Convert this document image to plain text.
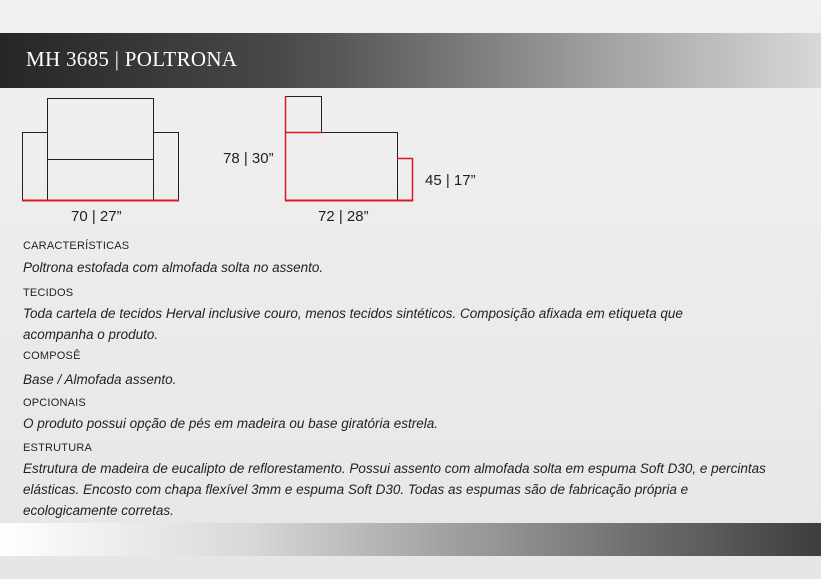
MH 3685 | POLTRONA
70 | 27”
78 | 30”
72 | 28”
45 | 17”
CARACTERÍSTICAS
Poltrona estofada com almofada solta no assento.
TECIDOS
Toda cartela de tecidos Herval inclusive couro, menos tecidos sintéticos. Composição afixada em etiqueta que acompanha o produto.
COMPOSÊ
Base / Almofada assento.
OPCIONAIS
O produto possui opção de pés em madeira ou base giratória estrela.
ESTRUTURA
Estrutura de madeira de eucalipto de reflorestamento. Possui assento com almofada solta em espuma Soft D30, e percintas elásticas. Encosto com chapa flexível 3mm e espuma Soft D30. Todas as espumas são de fabricação própria e ecologicamente corretas.
